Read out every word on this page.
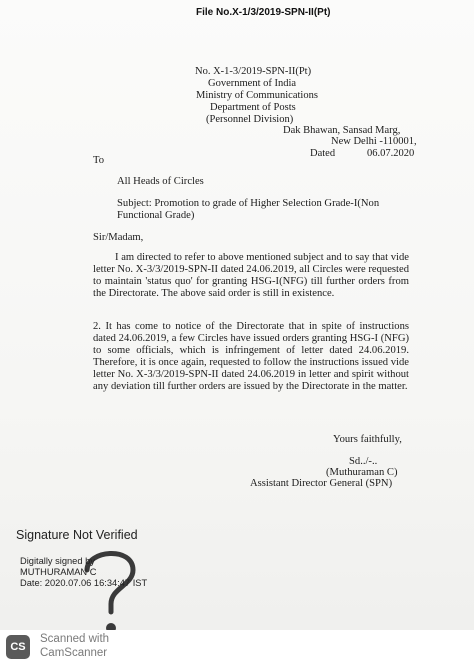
File No.X-1/3/2019-SPN-II(Pt)
No. X-1-3/2019-SPN-II(Pt)
Government of India
Ministry of Communications
Department of Posts
(Personnel Division)
Dak Bhawan, Sansad Marg,
New Delhi -110001,
Dated	06.07.2020
To
All Heads of Circles
Subject: Promotion to grade of Higher Selection Grade-I(Non
Functional Grade)
Sir/Madam,
I am directed to refer to above mentioned subject and to say that vide letter No. X-3/3/2019-SPN-II dated 24.06.2019, all Circles were requested to maintain 'status quo' for granting HSG-I(NFG) till further orders from the Directorate. The above said order is still in existence.
2. It has come to notice of the Directorate that in spite of instructions dated 24.06.2019, a few Circles have issued orders granting HSG-I (NFG) to some officials, which is infringement of letter dated 24.06.2019. Therefore, it is once again, requested to follow the instructions issued vide letter No. X-3/3/2019-SPN-II dated 24.06.2019 in letter and spirit without any deviation till further orders are issued by the Directorate in the matter.
Yours faithfully,
Sd../-..
(Muthuraman C)
Assistant Director General (SPN)
Signature Not Verified
Digitally signed by
MUTHURAMAN C
Date: 2020.07.06 16:34:47 IST
CS
Scanned with
CamScanner
